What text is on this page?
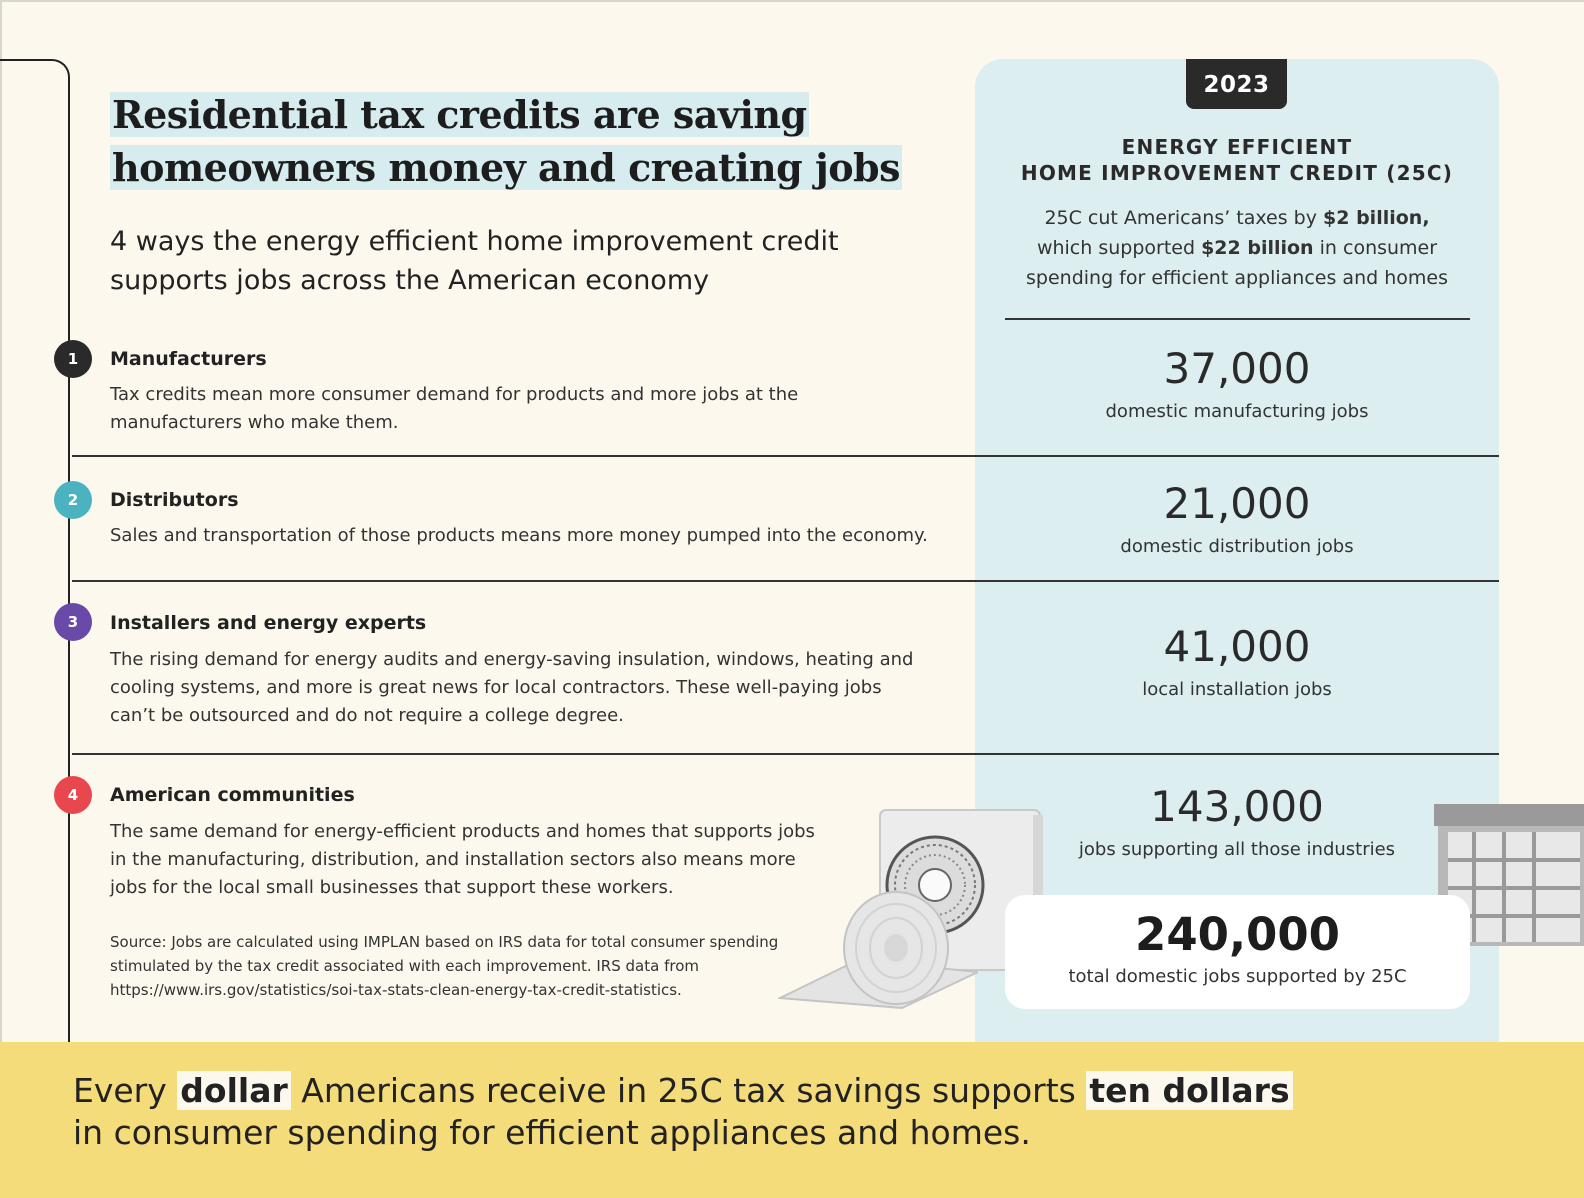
2023
ENERGY EFFICIENT
HOME IMPROVEMENT CREDIT (25C)

25C cut Americans’ taxes by $2 billion,
which supported $22 billion in consumer
spending for efficient appliances and homes

Residential tax credits are saving
homeowners money and creating jobs

4 ways the energy efficient home improvement credit
supports jobs across the American economy

1	Manufacturers

Tax credits mean more consumer demand for products and more jobs at the
manufacturers who make them.

2	Distributors

Sales and transportation of those products means more money pumped into the economy.

3	Installers and energy experts

The rising demand for energy audits and energy-saving insulation, windows, heating and
cooling systems, and more is great news for local contractors. These well-paying jobs
can’t be outsourced and do not require a college degree.

4	American communities

The same demand for energy-efficient products and homes that supports jobs
in the manufacturing, distribution, and installation sectors also means more
jobs for the local small businesses that support these workers.

Source: Jobs are calculated using IMPLAN based on IRS data for total consumer spending
stimulated by the tax credit associated with each improvement. IRS data from
https://www.irs.gov/statistics/soi-tax-stats-clean-energy-tax-credit-statistics.

37,000
domestic manufacturing jobs
21,000
domestic distribution jobs
41,000
local installation jobs
143,000
jobs supporting all those industries
240,000
total domestic jobs supported by 25C

Every dollar Americans receive in 25C tax savings supports ten dollars
in consumer spending for efficient appliances and homes.
